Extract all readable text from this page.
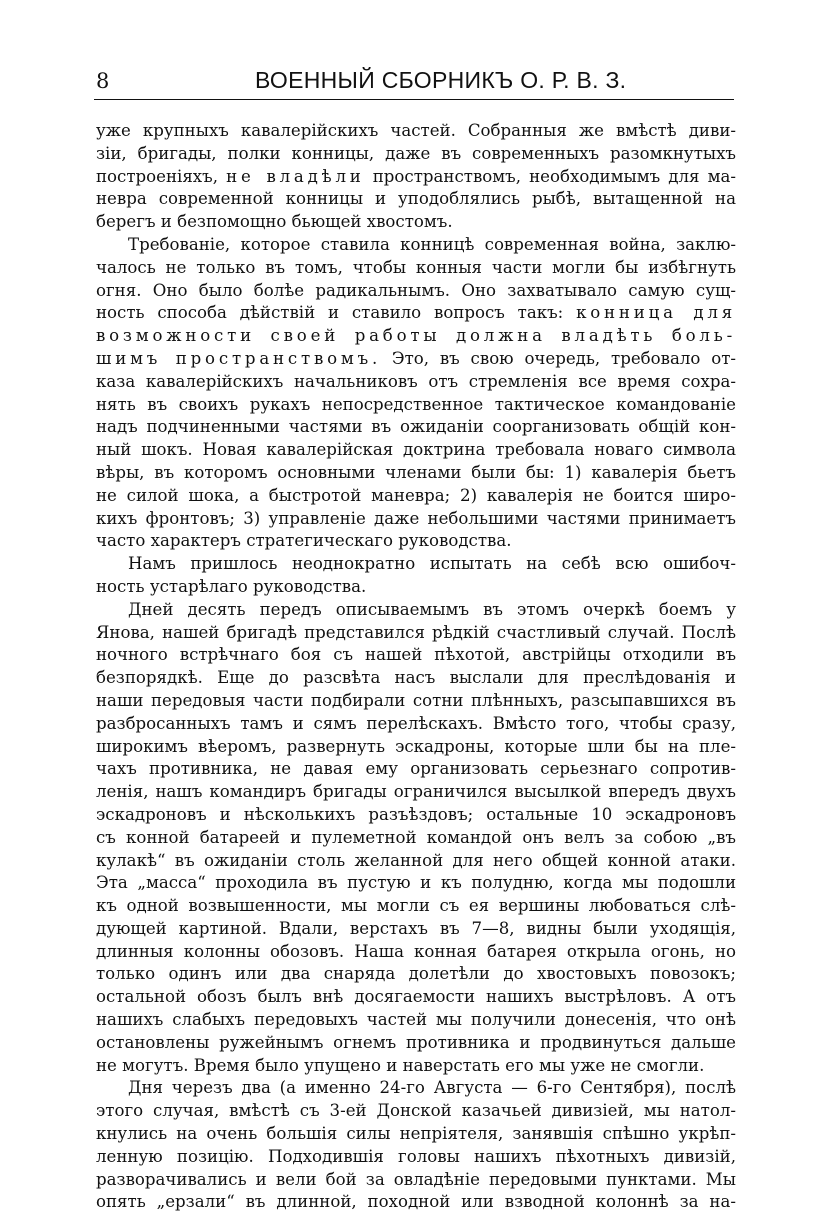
8	ВОЕННЫЙ СБОРНИКЪ О. Р. В. З.
уже крупныхъ кавалерійскихъ частей. Собранныя же вмѣстѣ диви-
зіи, бригады, полки конницы, даже въ современныхъ разомкнутыхъ
построеніяхъ, не владѣли пространствомъ, необходимымъ для ма-
невра современной конницы и уподоблялись рыбѣ, вытащенной на
берегъ и безпомощно бьющей хвостомъ.
Требованіе, которое ставила конницѣ современная война, заклю-
чалось не только въ томъ, чтобы конныя части могли бы избѣгнуть
огня. Оно было болѣе радикальнымъ. Оно захватывало самую сущ-
ность способа дѣйствій и ставило вопросъ такъ: конница для
возможности своей работы должна владѣть боль-
шимъ пространствомъ. Это, въ свою очередь, требовало от-
каза кавалерійскихъ начальниковъ отъ стремленія все время сохра-
нять въ своихъ рукахъ непосредственное тактическое командованіе
надъ подчиненными частями въ ожиданіи соорганизовать общій кон-
ный шокъ. Новая кавалерійская доктрина требовала новаго символа
вѣры, въ которомъ основными членами были бы: 1) кавалерія бьетъ
не силой шока, а быстротой маневра; 2) кавалерія не боится широ-
кихъ фронтовъ; 3) управленіе даже небольшими частями принимаетъ
часто характеръ стратегическаго руководства.
Намъ пришлось неоднократно испытать на себѣ всю ошибоч-
ность устарѣлаго руководства.
Дней десять передъ описываемымъ въ этомъ очеркѣ боемъ у
Янова, нашей бригадѣ представился рѣдкій счастливый случай. Послѣ
ночного встрѣчнаго боя съ нашей пѣхотой, австрійцы отходили въ
безпорядкѣ. Еще до разсвѣта насъ выслали для преслѣдованія и
наши передовыя части подбирали сотни плѣнныхъ, разсыпавшихся въ
разбросанныхъ тамъ и сямъ перелѣскахъ. Вмѣсто того, чтобы сразу,
широкимъ вѣеромъ, развернуть эскадроны, которые шли бы на пле-
чахъ противника, не давая ему организовать серьезнаго сопротив-
ленія, нашъ командиръ бригады ограничился высылкой впередъ двухъ
эскадроновъ и нѣсколькихъ разъѣздовъ; остальные 10 эскадроновъ
съ конной батареей и пулеметной командой онъ велъ за собою „въ
кулакѣ“ въ ожиданіи столь желанной для него общей конной атаки.
Эта „масса“ проходила въ пустую и къ полудню, когда мы подошли
къ одной возвышенности, мы могли съ ея вершины любоваться слѣ-
дующей картиной. Вдали, верстахъ въ 7—8, видны были уходящія,
длинныя колонны обозовъ. Наша конная батарея открыла огонь, но
только одинъ или два снаряда долетѣли до хвостовыхъ повозокъ;
остальной обозъ былъ внѣ досягаемости нашихъ выстрѣловъ. А отъ
нашихъ слабыхъ передовыхъ частей мы получили донесенія, что онѣ
остановлены ружейнымъ огнемъ противника и продвинуться дальше
не могутъ. Время было упущено и наверстать его мы уже не смогли.
Дня черезъ два (а именно 24-го Августа — 6-го Сентября), послѣ
этого случая, вмѣстѣ съ 3-ей Донской казачьей дивизіей, мы натол-
кнулись на очень большія силы непріятеля, занявшія спѣшно укрѣп-
ленную позицію. Подходившія головы нашихъ пѣхотныхъ дивизій,
разворачивались и вели бой за овладѣніе передовыми пунктами. Мы
опять „ерзали“ въ длинной, походной или взводной колоннѣ за на-
